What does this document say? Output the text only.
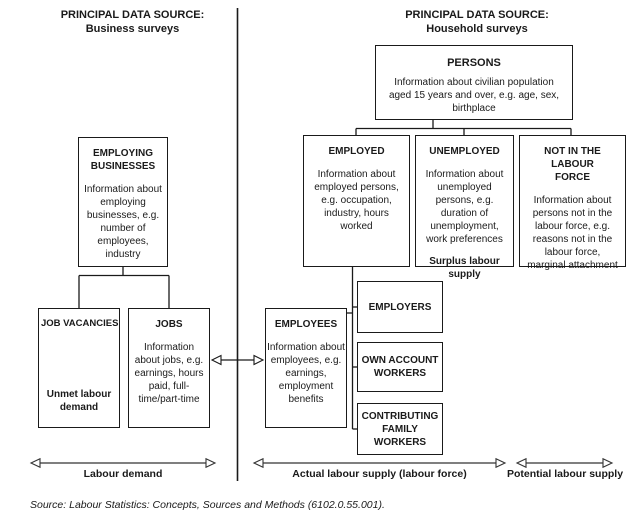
PRINCIPAL DATA SOURCE:
Business surveys
PRINCIPAL DATA SOURCE:
Household surveys
PERSONS
Information about civilian population aged 15 years and over, e.g. age, sex, birthplace
EMPLOYING BUSINESSES
Information about employing businesses, e.g. number of employees, industry
EMPLOYED
Information about employed persons, e.g. occupation, industry, hours worked
UNEMPLOYED
Information about unemployed persons, e.g. duration of unemployment, work preferences
Surplus labour supply
NOT IN THE LABOUR FORCE
Information about persons not in the labour force, e.g. reasons not in the labour force, marginal attachment
JOB VACANCIES
Unmet labour demand
JOBS
Information about jobs, e.g. earnings, hours paid, full-time/part-time
EMPLOYEES
Information about employees, e.g. earnings, employment benefits
EMPLOYERS
OWN ACCOUNT WORKERS
CONTRIBUTING FAMILY WORKERS
Labour demand	Actual labour supply (labour force)	Potential labour supply
Source: Labour Statistics: Concepts, Sources and Methods (6102.0.55.001).
